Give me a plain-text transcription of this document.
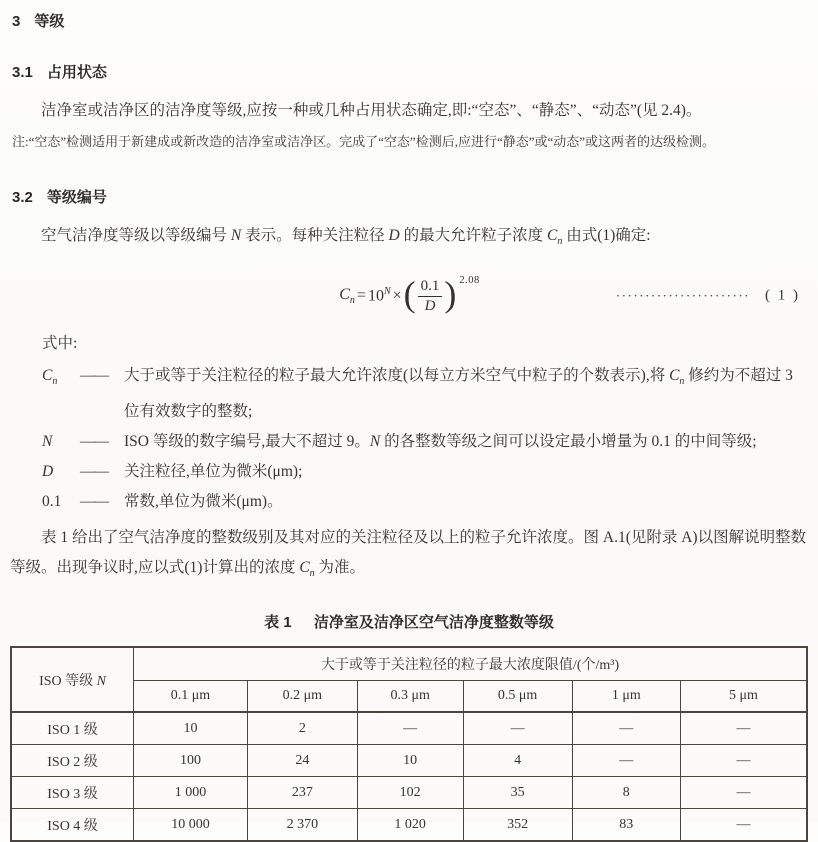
3 等级
3.1 占用状态

洁净室或洁净区的洁净度等级,应按一种或几种占用状态确定,即:“空态”、“静态”、“动态”(见 2.4)。

注:“空态”检测适用于新建成或新改造的洁净室或洁净区。完成了“空态”检测后,应进行“静态”或“动态”或这两者的达级检测。

3.2 等级编号

空气洁净度等级以等级编号 N 表示。每种关注粒径 D 的最大允许粒子浓度 $C_n$ 由式(1)确定:

$C_n = 10^N$ × ( $\frac{0.1}{D}$ ) $^{2.08}$
······················· ( 1 )

式中:

$C_n$	——	大于或等于关注粒径的粒子最大允许浓度(以每立方米空气中粒子的个数表示),将 $C_n$ 修约为不超过 3 位有效数字的整数;
N	——	ISO 等级的数字编号,最大不超过 9。N 的各整数等级之间可以设定最小增量为 0.1 的中间等级;
D	——	关注粒径,单位为微米(μm);
0.1	——	常数,单位为微米(μm)。

表 1 给出了空气洁净度的整数级别及其对应的关注粒径及以上的粒子允许浓度。图 A.1(见附录 A)以图解说明整数等级。出现争议时,应以式(1)计算出的浓度 $C_n$ 为准。

表 1 洁净室及洁净区空气洁净度整数等级
ISO 等级 N	大于或等于关注粒径的粒子最大浓度限值/(个/m³)					
	0.1 μm	0.2 μm	0.3 μm	0.5 μm	1 μm	5 μm
ISO 1 级	10	2	—	—	—	—
ISO 2 级	100	24	10	4	—	—
ISO 3 级	1 000	237	102	35	8	—
ISO 4 级	10 000	2 370	1 020	352	83	—
